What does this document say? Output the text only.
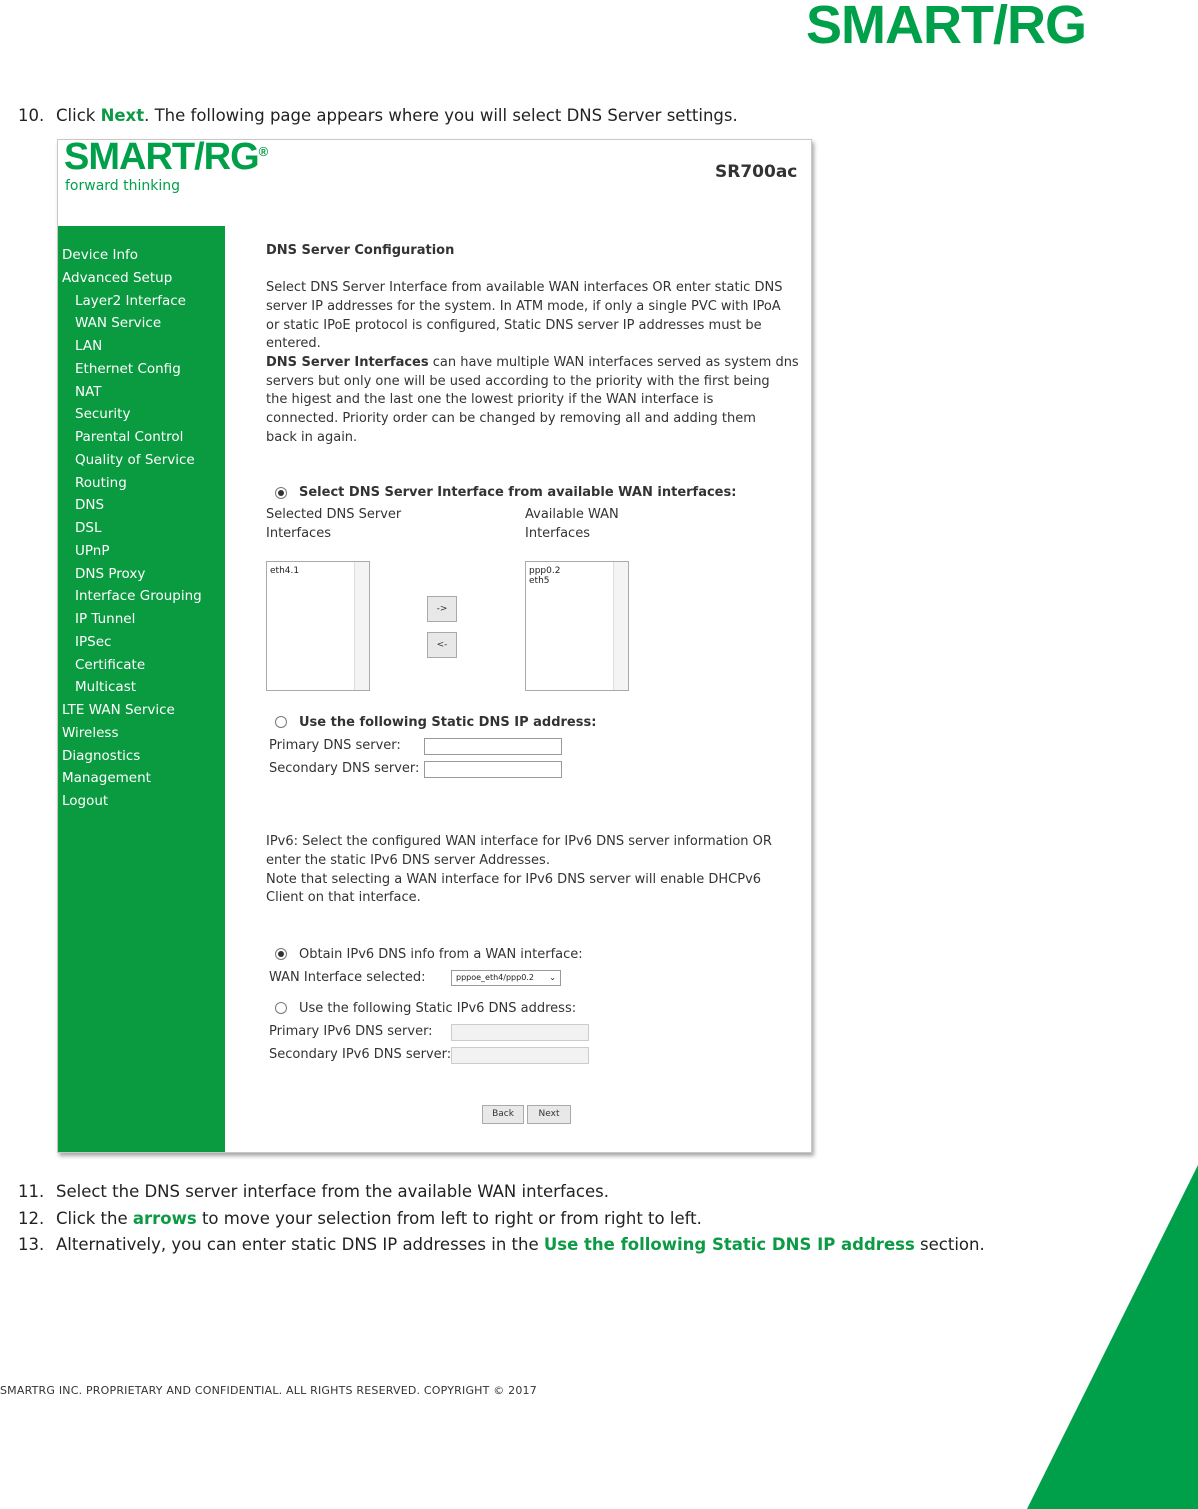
SMART/RG
10. Click Next. The following page appears where you will select DNS Server settings.
SMART/RG®
forward thinking
SR700ac
Device Info
Advanced Setup
Layer2 Interface
WAN Service
LAN
Ethernet Config
NAT
Security
Parental Control
Quality of Service
Routing
DNS
DSL
UPnP
DNS Proxy
Interface Grouping
IP Tunnel
IPSec
Certificate
Multicast
LTE WAN Service
Wireless
Diagnostics
Management
Logout
DNS Server Configuration
Select DNS Server Interface from available WAN interfaces OR enter static DNS
server IP addresses for the system. In ATM mode, if only a single PVC with IPoA
or static IPoE protocol is configured, Static DNS server IP addresses must be
entered.
DNS Server Interfaces can have multiple WAN interfaces served as system dns
servers but only one will be used according to the priority with the first being
the higest and the last one the lowest priority if the WAN interface is
connected. Priority order can be changed by removing all and adding them
back in again.
Select DNS Server Interface from available WAN interfaces:
Selected DNS Server
Interfaces
Available WAN
Interfaces
eth4.1	ppp0.2
eth5
->
<-
Use the following Static DNS IP address:
Primary DNS server:
Secondary DNS server:
IPv6: Select the configured WAN interface for IPv6 DNS server information OR
enter the static IPv6 DNS server Addresses.
Note that selecting a WAN interface for IPv6 DNS server will enable DHCPv6
Client on that interface.
Obtain IPv6 DNS info from a WAN interface:
WAN Interface selected:	pppoe_eth4/ppp0.2 ⌄
Use the following Static IPv6 DNS address:
Primary IPv6 DNS server:
Secondary IPv6 DNS server:
Back	Next
11. Select the DNS server interface from the available WAN interfaces.
12. Click the arrows to move your selection from left to right or from right to left.
13. Alternatively, you can enter static DNS IP addresses in the Use the following Static DNS IP address section.
SMARTRG INC. PROPRIETARY AND CONFIDENTIAL. ALL RIGHTS RESERVED. COPYRIGHT © 2017
